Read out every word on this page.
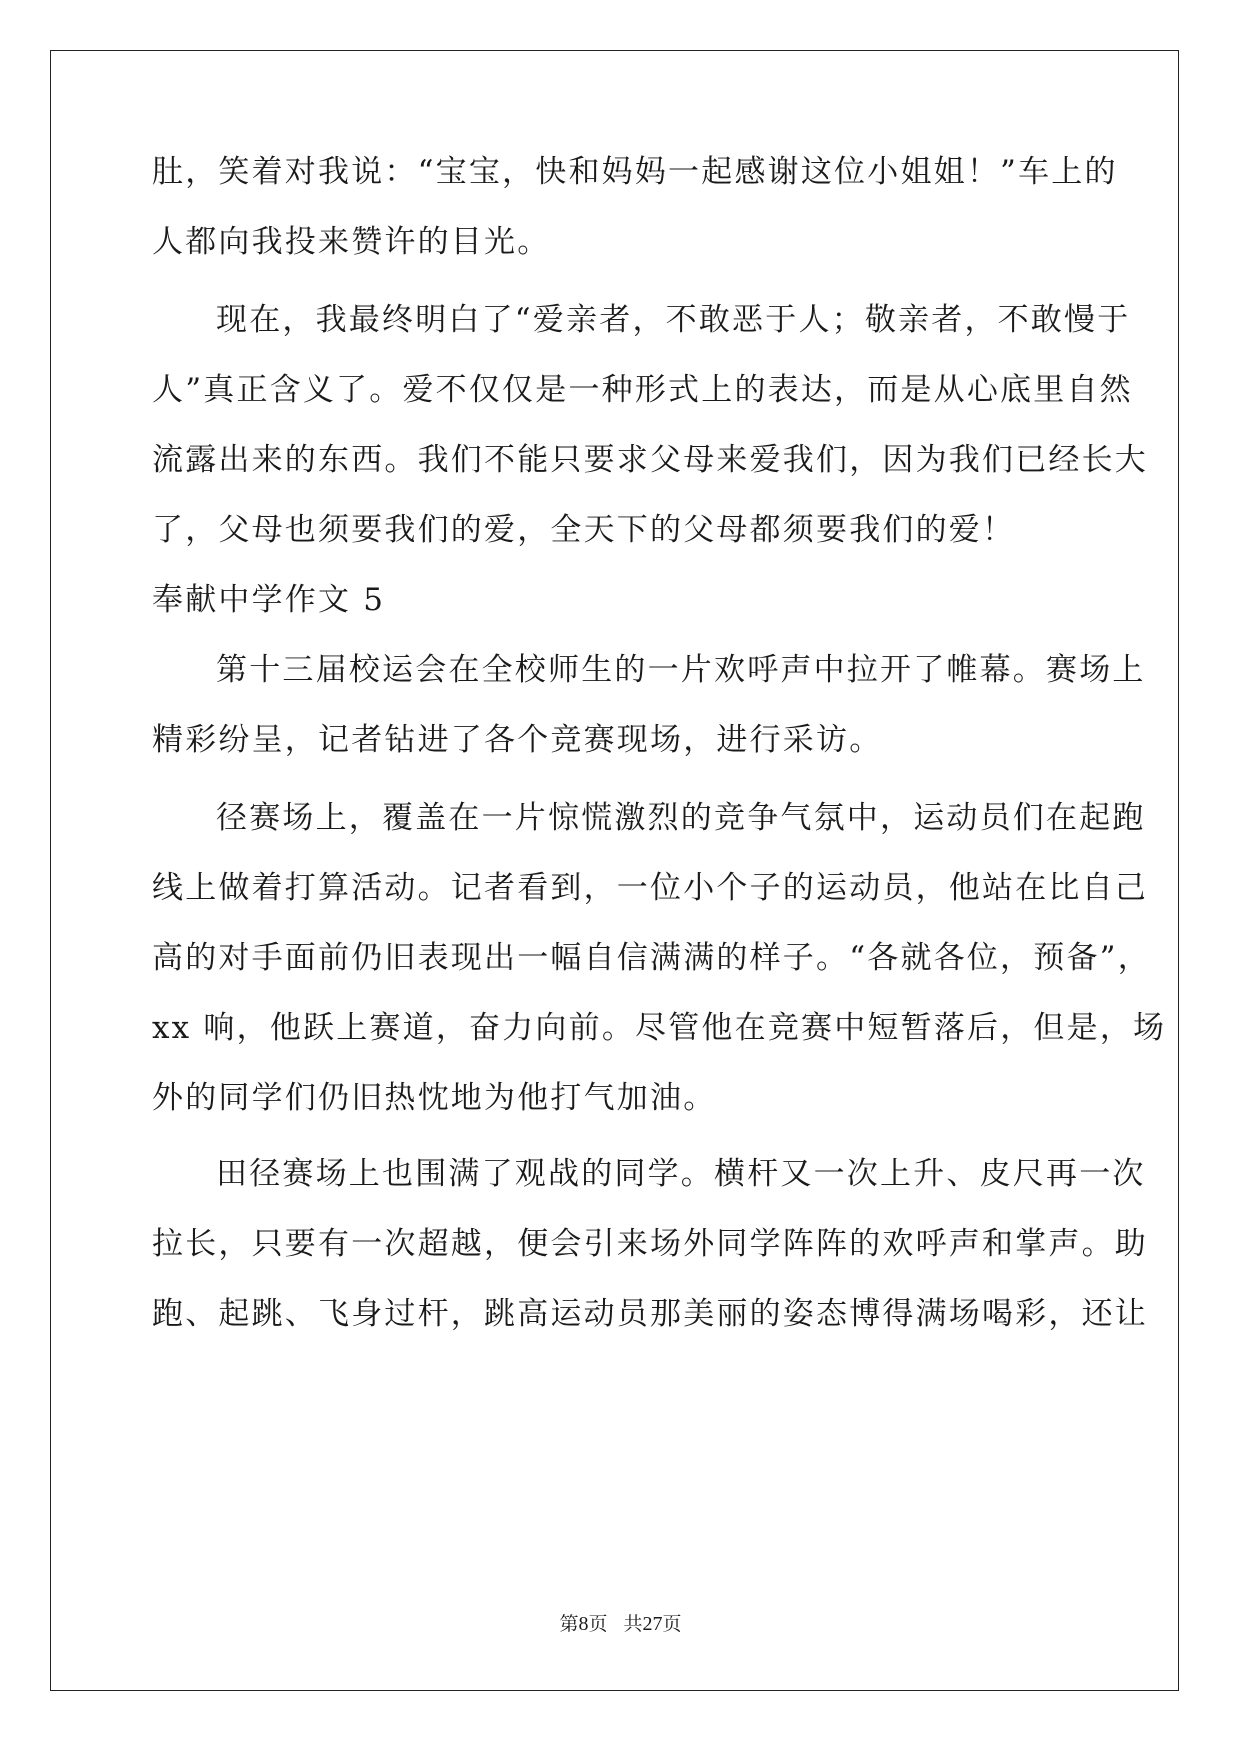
肚，笑着对我说：“宝宝，快和妈妈一起感谢这位小姐姐！”车上的
人都向我投来赞许的目光。
现在，我最终明白了“爱亲者，不敢恶于人；敬亲者，不敢慢于
人”真正含义了。爱不仅仅是一种形式上的表达，而是从心底里自然
流露出来的东西。我们不能只要求父母来爱我们，因为我们已经长大
了，父母也须要我们的爱，全天下的父母都须要我们的爱！
奉献中学作文 5
第十三届校运会在全校师生的一片欢呼声中拉开了帷幕。赛场上
精彩纷呈，记者钻进了各个竞赛现场，进行采访。
径赛场上，覆盖在一片惊慌激烈的竞争气氛中，运动员们在起跑
线上做着打算活动。记者看到，一位小个子的运动员，他站在比自己
高的对手面前仍旧表现出一幅自信满满的样子。“各就各位，预备”，
xx 响，他跃上赛道，奋力向前。尽管他在竞赛中短暂落后，但是，场
外的同学们仍旧热忱地为他打气加油。
田径赛场上也围满了观战的同学。横杆又一次上升、皮尺再一次
拉长，只要有一次超越，便会引来场外同学阵阵的欢呼声和掌声。助
跑、起跳、飞身过杆，跳高运动员那美丽的姿态博得满场喝彩，还让
第8页 共27页
